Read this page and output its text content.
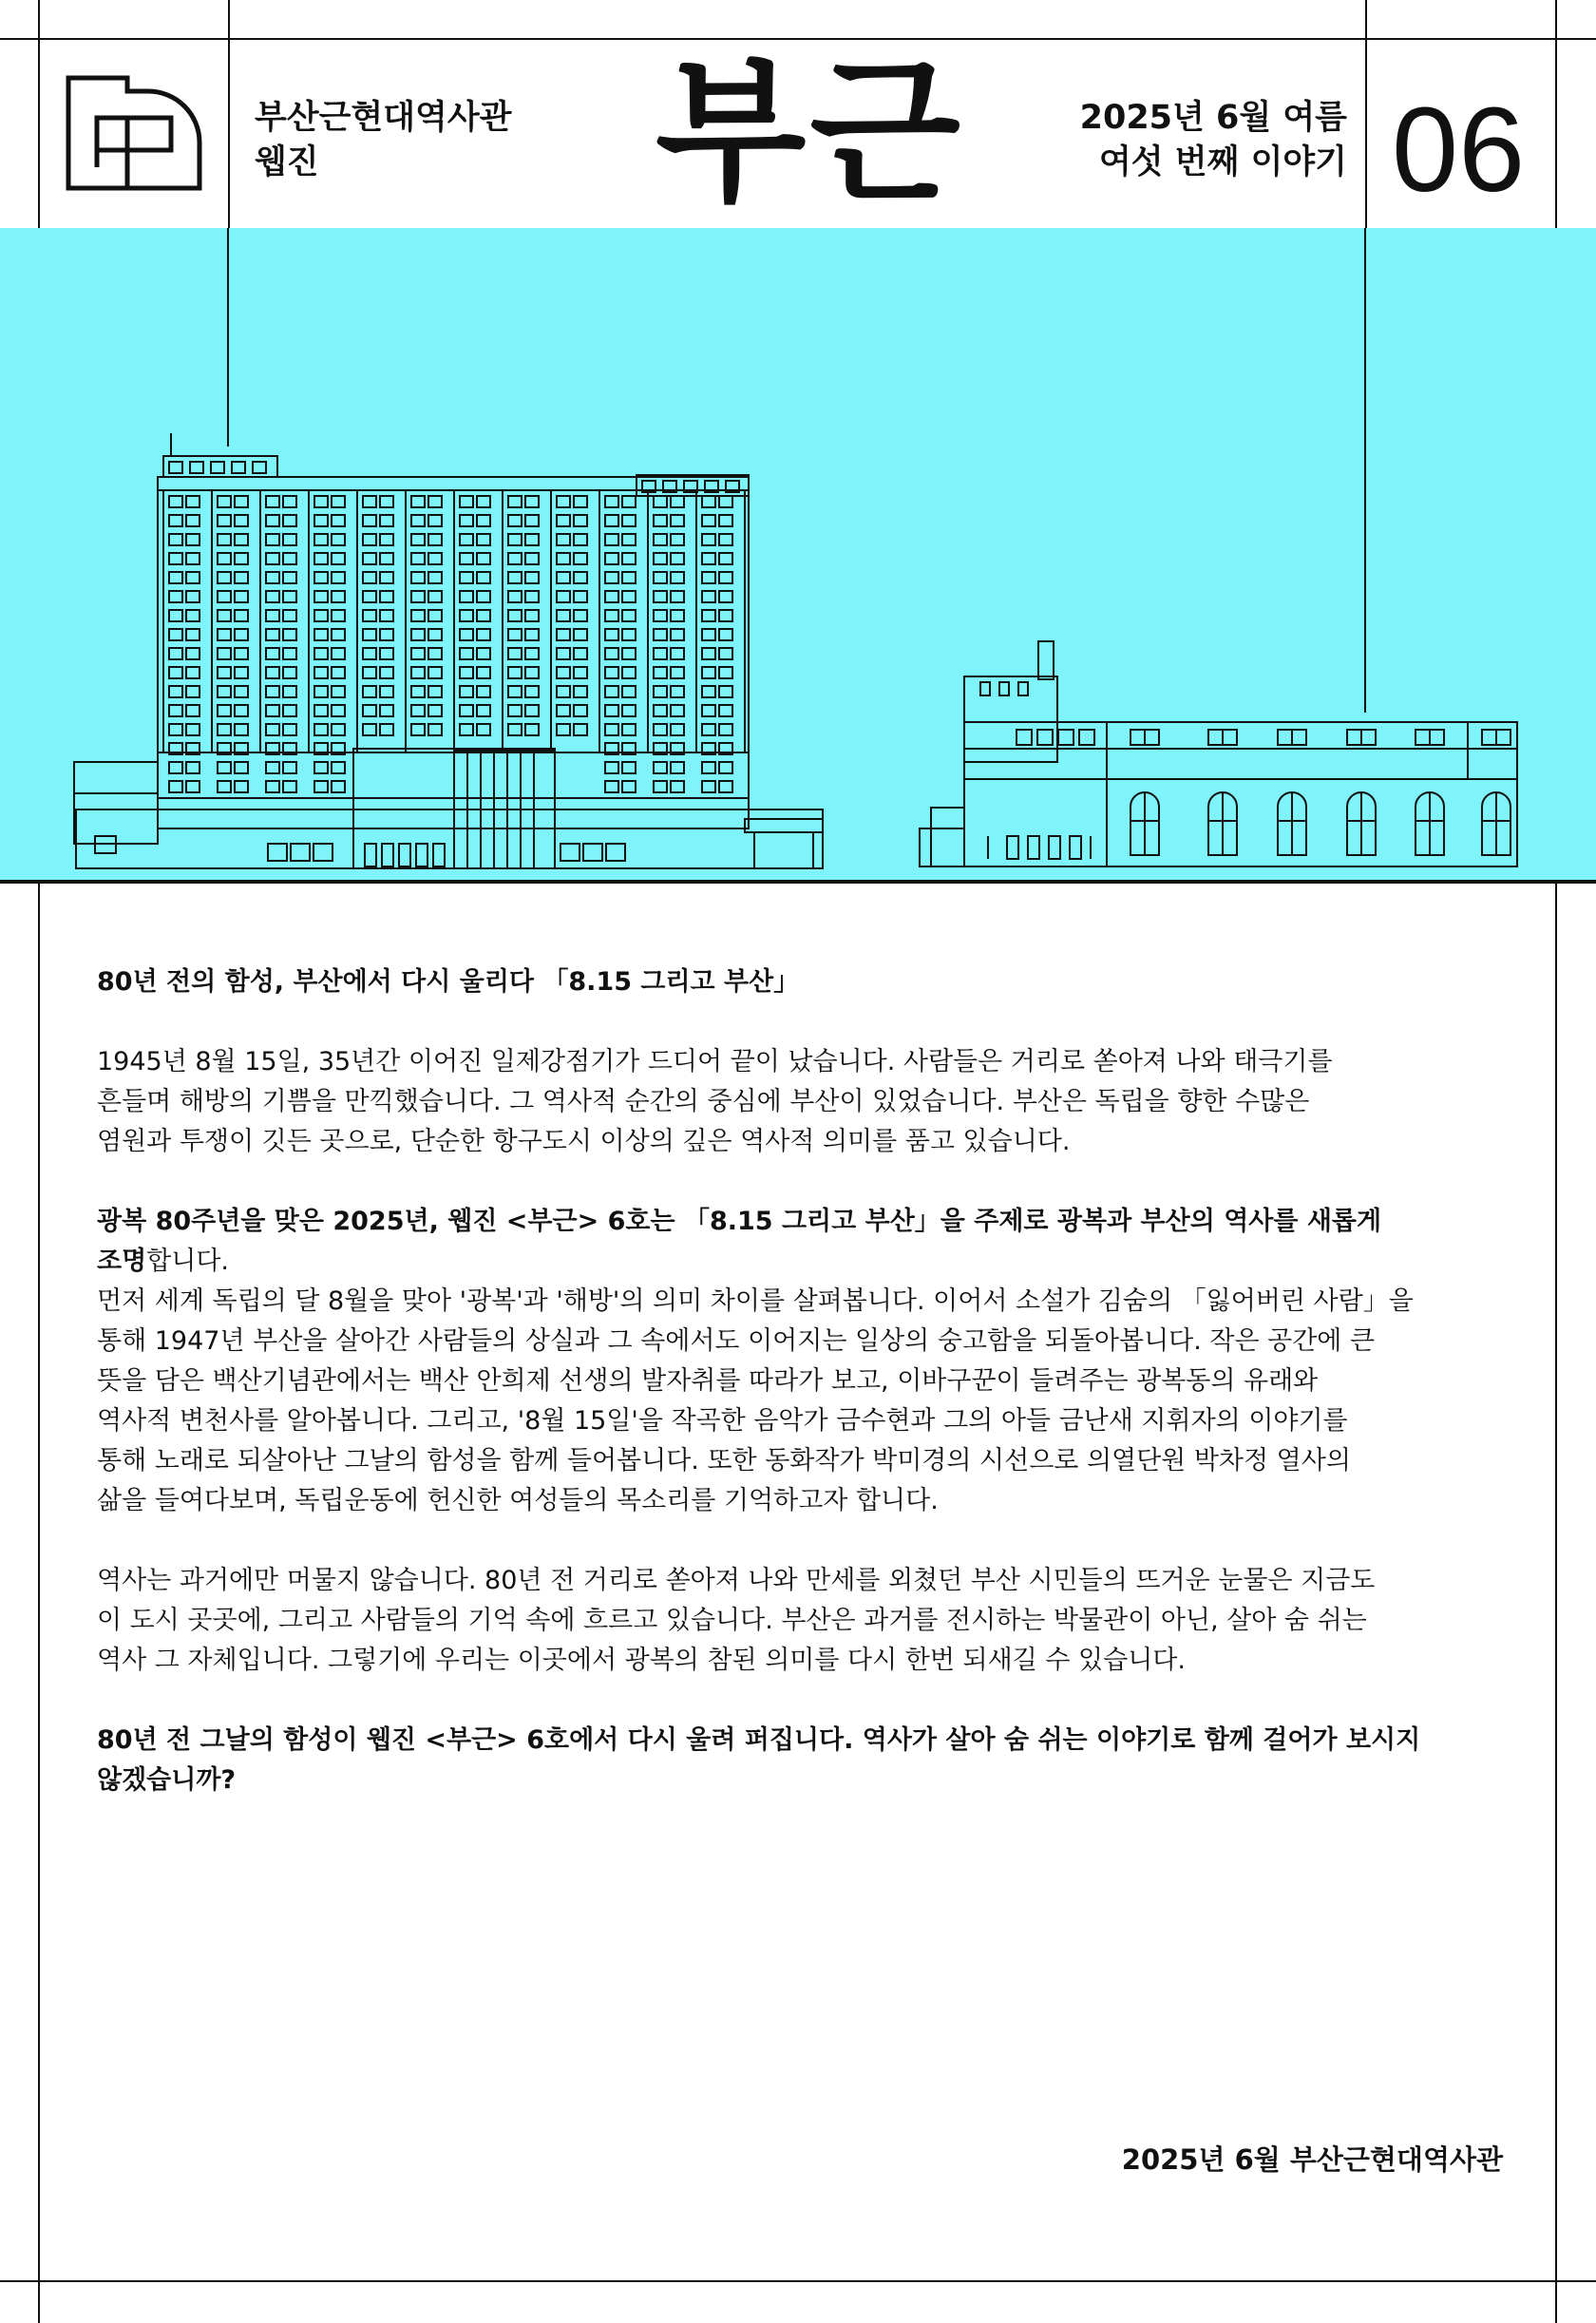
부산근현대역사관
웹진	부근	2025년 6월 여름
여섯 번째 이야기 06

80년 전의 함성, 부산에서 다시 울리다 「8.15 그리고 부산」

1945년 8월 15일, 35년간 이어진 일제강점기가 드디어 끝이 났습니다. 사람들은 거리로 쏟아져 나와 태극기를

흔들며 해방의 기쁨을 만끽했습니다. 그 역사적 순간의 중심에 부산이 있었습니다. 부산은 독립을 향한 수많은

염원과 투쟁이 깃든 곳으로, 단순한 항구도시 이상의 깊은 역사적 의미를 품고 있습니다.

광복 80주년을 맞은 2025년, 웹진 <부근> 6호는 「8.15 그리고 부산」을 주제로 광복과 부산의 역사를 새롭게

조명합니다.

먼저 세계 독립의 달 8월을 맞아 '광복'과 '해방'의 의미 차이를 살펴봅니다. 이어서 소설가 김숨의 「잃어버린 사람」을

통해 1947년 부산을 살아간 사람들의 상실과 그 속에서도 이어지는 일상의 숭고함을 되돌아봅니다. 작은 공간에 큰

뜻을 담은 백산기념관에서는 백산 안희제 선생의 발자취를 따라가 보고, 이바구꾼이 들려주는 광복동의 유래와

역사적 변천사를 알아봅니다. 그리고, '8월 15일'을 작곡한 음악가 금수현과 그의 아들 금난새 지휘자의 이야기를

통해 노래로 되살아난 그날의 함성을 함께 들어봅니다. 또한 동화작가 박미경의 시선으로 의열단원 박차정 열사의

삶을 들여다보며, 독립운동에 헌신한 여성들의 목소리를 기억하고자 합니다.

역사는 과거에만 머물지 않습니다. 80년 전 거리로 쏟아져 나와 만세를 외쳤던 부산 시민들의 뜨거운 눈물은 지금도

이 도시 곳곳에, 그리고 사람들의 기억 속에 흐르고 있습니다. 부산은 과거를 전시하는 박물관이 아닌, 살아 숨 쉬는

역사 그 자체입니다. 그렇기에 우리는 이곳에서 광복의 참된 의미를 다시 한번 되새길 수 있습니다.

80년 전 그날의 함성이 웹진 <부근> 6호에서 다시 울려 퍼집니다. 역사가 살아 숨 쉬는 이야기로 함께 걸어가 보시지

않겠습니까?

2025년 6월 부산근현대역사관
